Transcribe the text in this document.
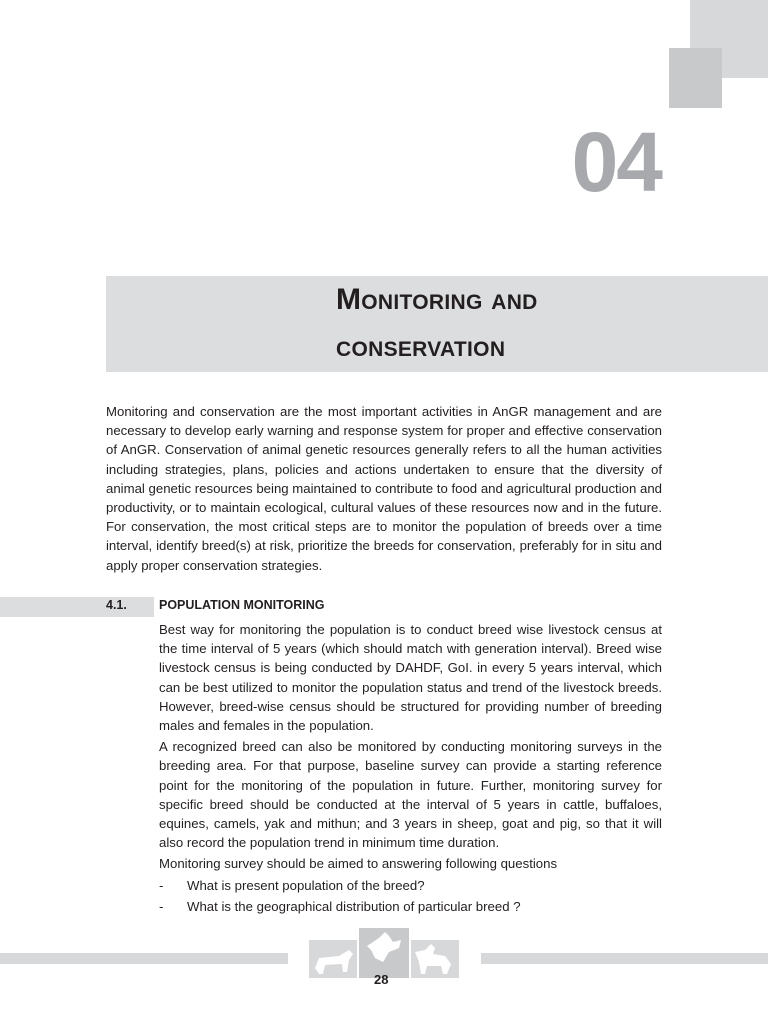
04
Monitoring and
conservation
Monitoring and conservation are the most important activities in AnGR management and are necessary to develop early warning and response system for proper and effective conservation of AnGR. Conservation of animal genetic resources generally refers to all the human activities including strategies, plans, policies and actions undertaken to ensure that the diversity of animal genetic resources being maintained to contribute to food and agricultural production and productivity, or to maintain ecological, cultural values of these resources now and in the future. For conservation, the most critical steps are to monitor the population of breeds over a time interval, identify breed(s) at risk, prioritize the breeds for conservation, preferably for in situ and apply proper conservation strategies.
4.1.	POPULATION MONITORING

Best way for monitoring the population is to conduct breed wise livestock census at the time interval of 5 years (which should match with generation interval). Breed wise livestock census is being conducted by DAHDF, GoI. in every 5 years interval, which can be best utilized to monitor the population status and trend of the livestock breeds. However, breed-wise census should be structured for providing number of breeding males and females in the population.

A recognized breed can also be monitored by conducting monitoring surveys in the breeding area. For that purpose, baseline survey can provide a starting reference point for the monitoring of the population in future. Further, monitoring survey for specific breed should be conducted at the interval of 5 years in cattle, buffaloes, equines, camels, yak and mithun; and 3 years in sheep, goat and pig, so that it will also record the population trend in minimum time duration.

Monitoring survey should be aimed to answering following questions

- What is present population of the breed?
- What is the geographical distribution of particular breed ?
28
